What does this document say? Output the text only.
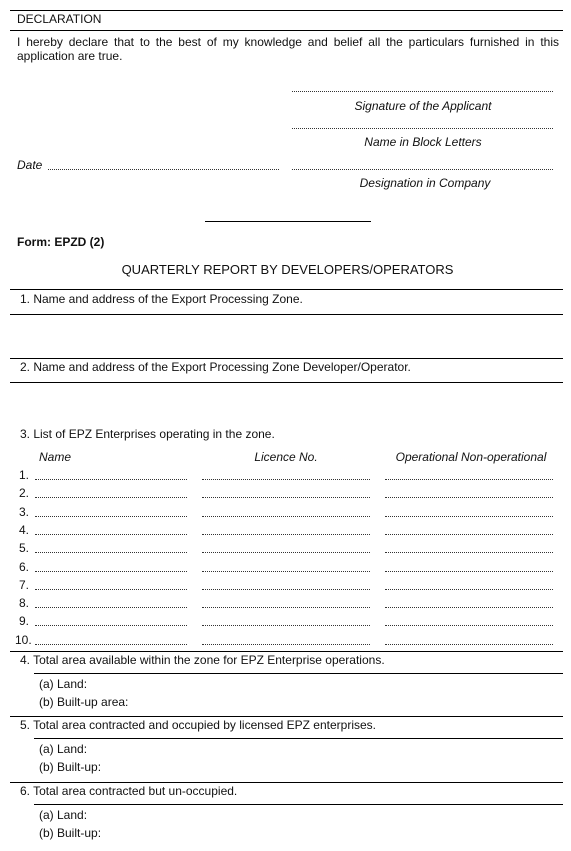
DECLARATION
I hereby declare that to the best of my knowledge and belief all the particulars furnished in this application are true.
Signature of the Applicant
Name in Block Letters
Date
Designation in Company
Form: EPZD (2)
QUARTERLY REPORT BY DEVELOPERS/OPERATORS
1. Name and address of the Export Processing Zone.
2. Name and address of the Export Processing Zone Developer/Operator.
3. List of EPZ Enterprises operating in the zone.
Name	Licence No.	Operational Non-operational
1.
2.
3.
4.
5.
6.
7.
8.
9.
10.
4. Total area available within the zone for EPZ Enterprise operations.
(a) Land:
(b) Built-up area:
5. Total area contracted and occupied by licensed EPZ enterprises.
(a) Land:
(b) Built-up:
6. Total area contracted but un-occupied.
(a) Land:
(b) Built-up:
